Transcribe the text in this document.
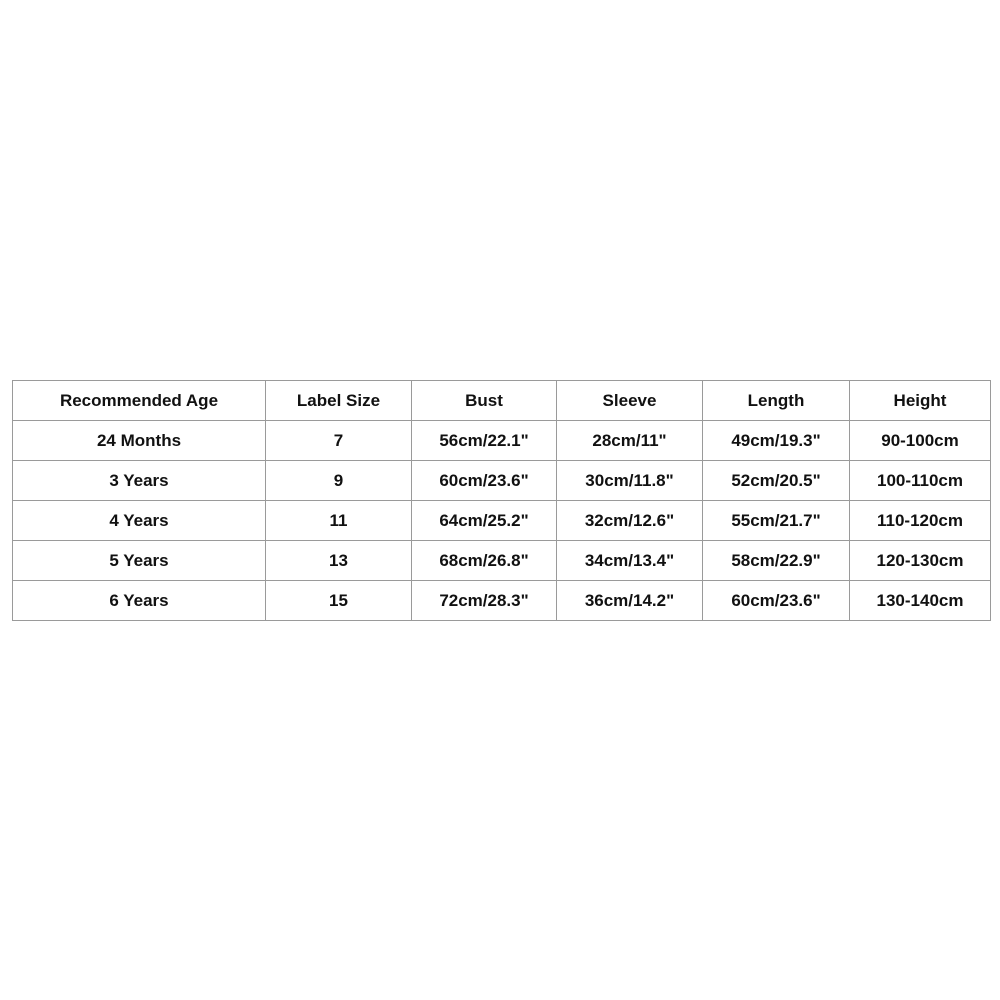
Recommended Age	Label Size	Bust	Sleeve	Length	Height
24 Months	7	56cm/22.1"	28cm/11"	49cm/19.3"	90-100cm
3 Years	9	60cm/23.6"	30cm/11.8"	52cm/20.5"	100-110cm
4 Years	11	64cm/25.2"	32cm/12.6"	55cm/21.7"	110-120cm
5 Years	13	68cm/26.8"	34cm/13.4"	58cm/22.9"	120-130cm
6 Years	15	72cm/28.3"	36cm/14.2"	60cm/23.6"	130-140cm
